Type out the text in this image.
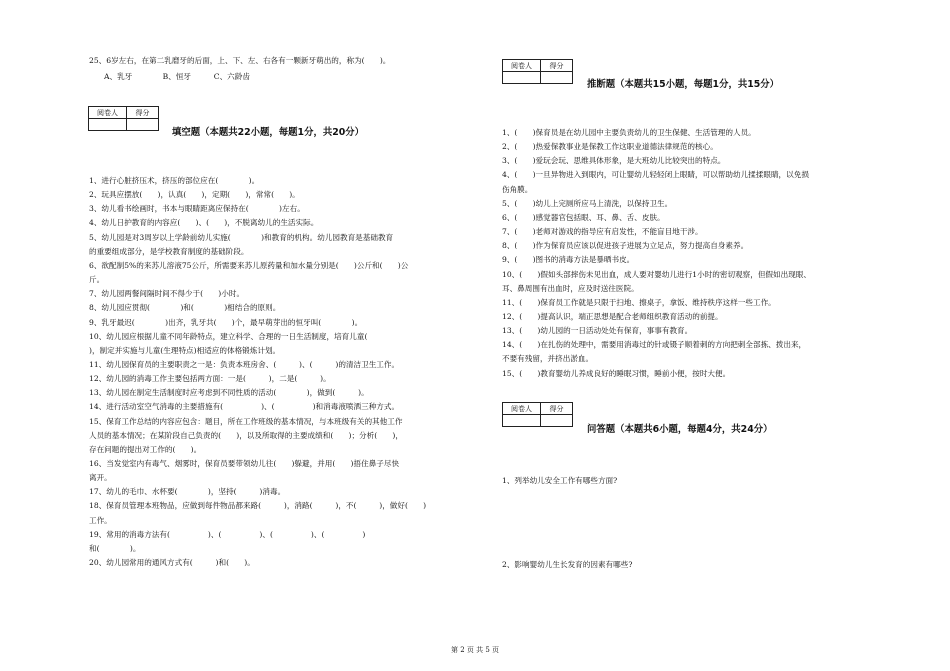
25、6岁左右，在第二乳磨牙的后面，上、下、左、右各有一颗新牙萌出的，称为(　　)。
A、乳牙　　　　B、恒牙　　　C、六龄齿
阅卷人	得分

填空题（本题共22小题，每题1分，共20分）
1、进行心脏挤压术，挤压的部位应在(　　　　)。
2、玩具应摆放(　　)，认真(　　)，定期(　　)，常常(　　)。
3、幼儿看书绘画时，书本与眼睛距离应保持在(　　　　)左右。
4、幼儿日护教育的内容应(　　)、(　　)，不脱离幼儿的生活实际。
5、幼儿园是对3周岁以上学龄前幼儿实施(　　　　)和教育的机构。幼儿园教育是基础教育
的重要组成部分，是学校教育制度的基础阶段。
6、欲配制5%的来苏儿溶液75公斤，所需要来苏儿原药量和加水量分别是(　　)公斤和(　　)公
斤。
7、幼儿园两餐间隔时间不得少于(　　)小时。
8、幼儿园应贯彻(　　　　)和(　　　　)相结合的原则。
9、乳牙最迟(　　　　)出齐，乳牙共(　　)个，最早萌芽出的恒牙叫(　　　　)。
10、幼儿园应根据儿童不同年龄特点，建立科学、合理的一日生活制度，培育儿童(　　
)，制定并实施与儿童(生理特点)相适应的体格锻炼计划。
11、幼儿园保育员的主要职责之一是：负责本班房舍、(　　　)、(　　　)的清洁卫生工作。
12、幼儿园的消毒工作主要包括两方面：一是(　　　)，二是(　　　)。
13、幼儿园在制定生活制度时应考虑到不同性质的活动(　　　　)，做到(　　　)。
14、进行活动室空气消毒的主要措施有(　　　　　)、(　　　　　)和消毒液喷洒三种方式。
15、保育工作总结的内容应包含：题目，所在工作班级的基本情况，与本班级有关的其他工作
人员的基本情况；在某阶段自己负责的(　　)，以及所取得的主要成绩和(　　)；分析(　　)，
存在问题的提出对工作的(　　)。
16、当发觉室内有毒气、烟雾时，保育员要带领幼儿往(　　)躲避，并用(　　)捂住鼻子尽快
离开。
17、幼儿的毛巾、水杯要(　　　　)，坚持(　　　)消毒。
18、保育员管理本班物品，应做到每件物品都来路(　　　)，消路(　　　)，不(　　　)，做好(　　)
工作。
19、常用的消毒方法有(　　　　　)、(　　　　　)、(　　　　　)、(　　　　　)
和(　　　　)。
20、幼儿园常用的通风方式有(　　　)和(　　)。
阅卷人	得分

推断题（本题共15小题，每题1分，共15分）
1、(　　)保育员是在幼儿园中主要负责幼儿的卫生保健、生活管理的人员。
2、(　　)热爱保教事业是保教工作这职业道德法律规范的核心。
3、(　　)爱玩会玩、思维具体形象，是大班幼儿比较突出的特点。
4、(　　)一旦异物进入到眼内，可让婴幼儿轻轻闭上眼睛，可以帮助幼儿揉揉眼睛，以免损
伤角膜。
5、(　　)幼儿上完厕所应马上清洗，以保持卫生。
6、(　　)感觉器官包括眼、耳、鼻、舌、皮肤。
7、(　　)老师对游戏的指导应有启发性，不能盲目地干涉。
8、(　　)作为保育员应该以促进孩子进展为立足点，努力提高自身素养。
9、(　　)图书的消毒方法是暴晒书皮。
10、(　　)假如头部摔伤未见出血，成人要对婴幼儿进行1小时的密切观察，但假如出现眼、
耳、鼻周围有出血时，应及时送往医院。
11、(　　)保育员工作就是只限于扫地、擦桌子，拿饭、维持秩序这样一些工作。
12、(　　)提高认识，端正思想是配合老师组织教育活动的前提。
13、(　　)幼儿园的一日活动处处有保育，事事有教育。
14、(　　)在扎伤的处理中，需要用消毒过的针或镊子顺着刺的方向把刺全部拣、拨出来，
不要有残留，并挤出淤血。
15、(　　)教育婴幼儿养成良好的睡眠习惯，睡前小便，按时大便。
阅卷人	得分

问答题（本题共6小题，每题4分，共24分）
1、列举幼儿安全工作有哪些方面?
2、影响婴幼儿生长发育的因素有哪些?
第 2 页 共 5 页
